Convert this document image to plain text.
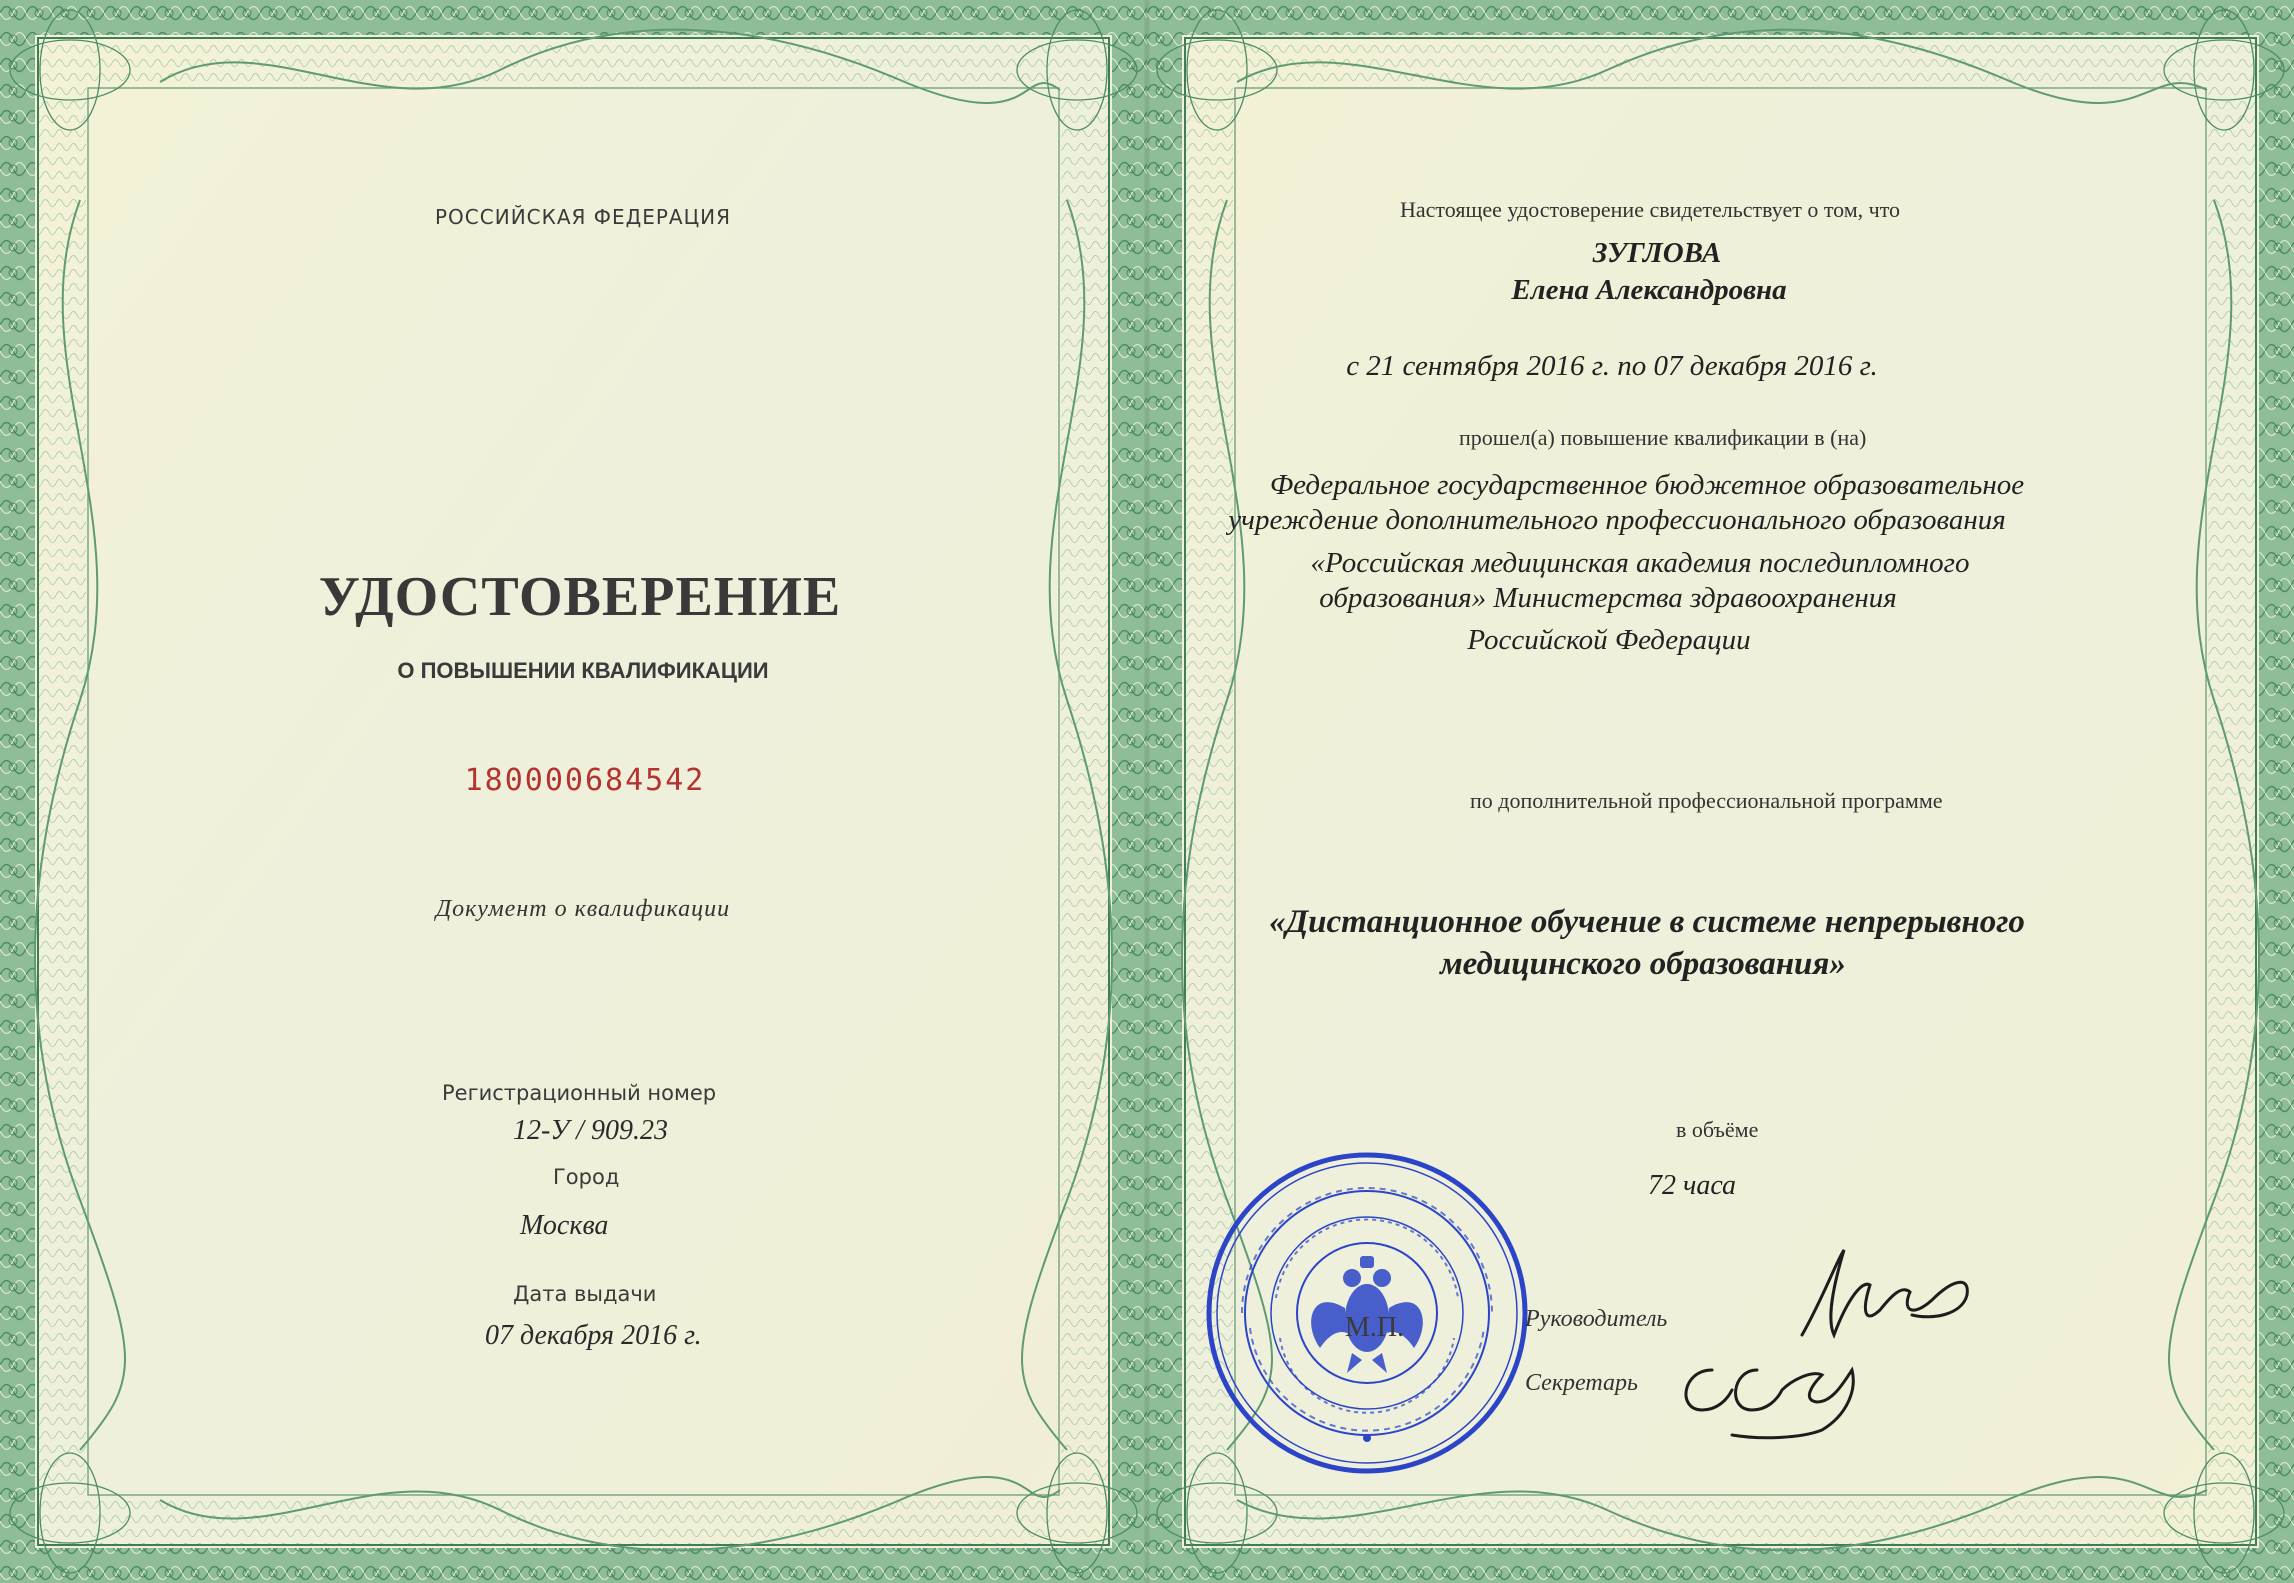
РОССИЙСКАЯ ФЕДЕРАЦИЯ
УДОСТОВЕРЕНИЕ
О ПОВЫШЕНИИ КВАЛИФИКАЦИИ
180000684542
Документ о квалификации
Регистрационный номер
12-У / 909.23
Город
Москва
Дата выдачи
07 декабря 2016 г.
Настоящее удостоверение свидетельствует о том, что
ЗУГЛОВА
Елена Александровна
с 21 сентября 2016 г. по 07 декабря 2016 г.
прошел(а) повышение квалификации в (на)
Федеральное государственное бюджетное образовательное
учреждение дополнительного профессионального образования
«Российская медицинская академия последипломного
образования» Министерства здравоохранения
Российской Федерации
по дополнительной профессиональной программе
«Дистанционное обучение в системе непрерывного
медицинского образования»
в объёме
72 часа
М.П.	Руководитель
Секретарь
